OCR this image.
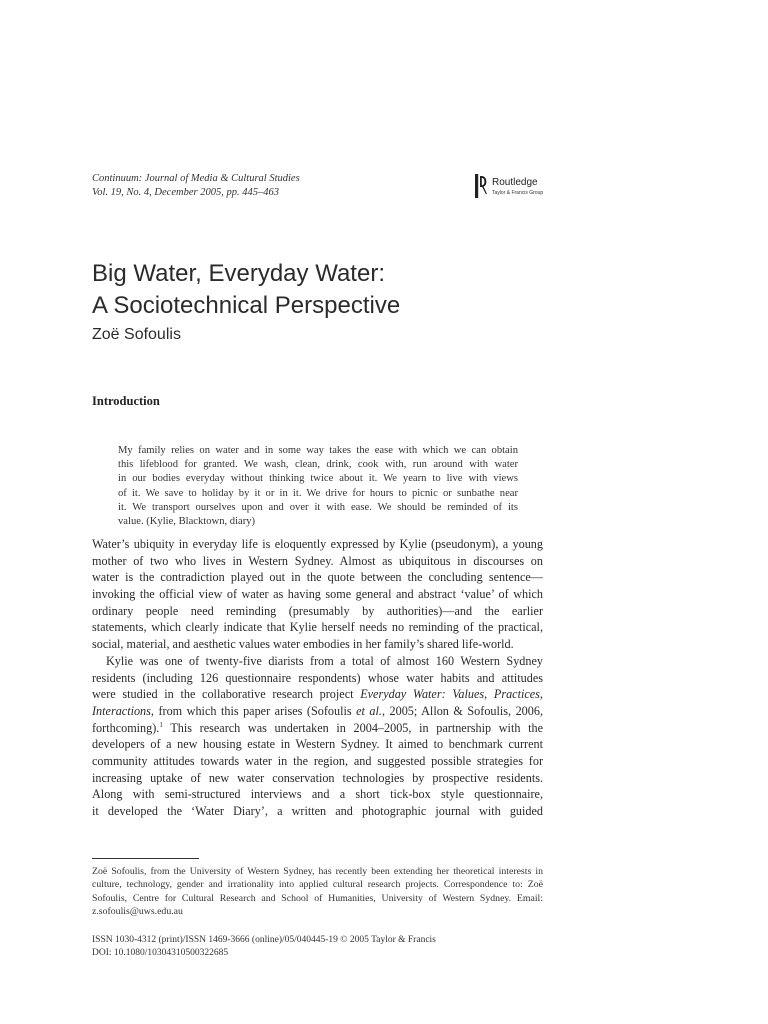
Continuum: Journal of Media & Cultural Studies
Vol. 19, No. 4, December 2005, pp. 445–463
Routledge
Taylor & Francis Group
Big Water, Everyday Water:
A Sociotechnical Perspective
Zoë Sofoulis
Introduction
My family relies on water and in some way takes the ease with which we can obtain
this lifeblood for granted. We wash, clean, drink, cook with, run around with water
in our bodies everyday without thinking twice about it. We yearn to live with views
of it. We save to holiday by it or in it. We drive for hours to picnic or sunbathe near
it. We transport ourselves upon and over it with ease. We should be reminded of its
value. (Kylie, Blacktown, diary)
Water’s ubiquity in everyday life is eloquently expressed by Kylie (pseudonym), a young
mother of two who lives in Western Sydney. Almost as ubiquitous in discourses on
water is the contradiction played out in the quote between the concluding sentence—
invoking the official view of water as having some general and abstract ‘value’ of which
ordinary people need reminding (presumably by authorities)—and the earlier
statements, which clearly indicate that Kylie herself needs no reminding of the practical,
social, material, and aesthetic values water embodies in her family’s shared life-world.
Kylie was one of twenty-five diarists from a total of almost 160 Western Sydney
residents (including 126 questionnaire respondents) whose water habits and attitudes
were studied in the collaborative research project Everyday Water: Values, Practices,
Interactions, from which this paper arises (Sofoulis et al., 2005; Allon & Sofoulis, 2006,
forthcoming).$^1$ This research was undertaken in 2004–2005, in partnership with the
developers of a new housing estate in Western Sydney. It aimed to benchmark current
community attitudes towards water in the region, and suggested possible strategies for
increasing uptake of new water conservation technologies by prospective residents.
Along with semi-structured interviews and a short tick-box style questionnaire,
it developed the ‘Water Diary’, a written and photographic journal with guided
Zoë Sofoulis, from the University of Western Sydney, has recently been extending her theoretical interests in
culture, technology, gender and irrationality into applied cultural research projects. Correspondence to: Zoë
Sofoulis, Centre for Cultural Research and School of Humanities, University of Western Sydney. Email:
z.sofoulis@uws.edu.au
ISSN 1030-4312 (print)/ISSN 1469-3666 (online)/05/040445-19 © 2005 Taylor & Francis
DOI: 10.1080/10304310500322685
